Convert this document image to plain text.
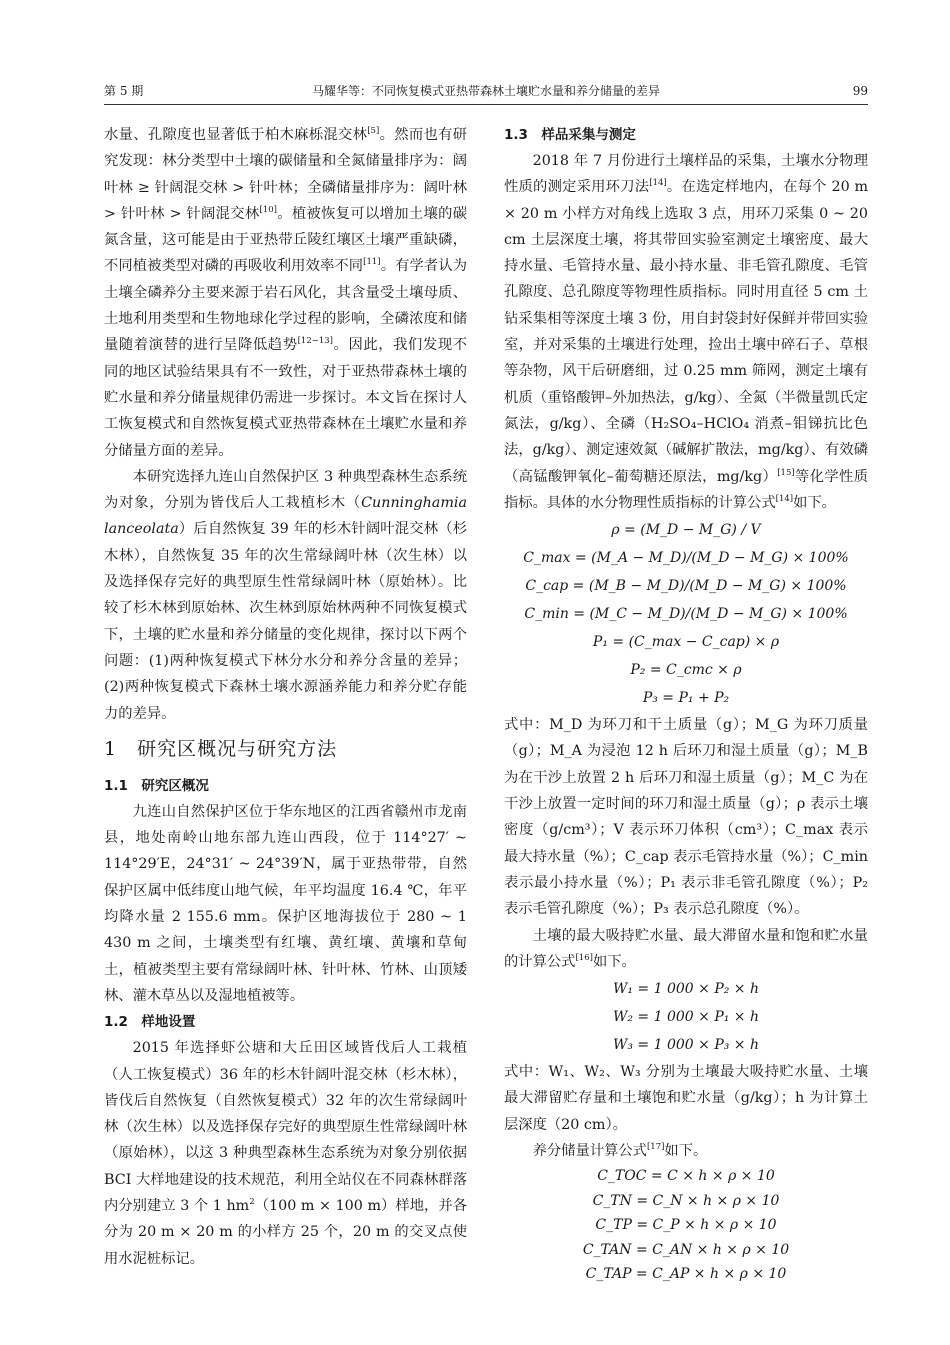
第 5 期	马耀华等：不同恢复模式亚热带森林土壤贮水量和养分储量的差异	99

水量、孔隙度也显著低于柏木麻栎混交林[5]。然而也有研究发现：林分类型中土壤的碳储量和全氮储量排序为：阔叶林 ≥ 针阔混交林 > 针叶林；全磷储量排序为：阔叶林 > 针叶林 > 针阔混交林[10]。植被恢复可以增加土壤的碳氮含量，这可能是由于亚热带丘陵红壤区土壤严重缺磷，不同植被类型对磷的再吸收利用效率不同[11]。有学者认为土壤全磷养分主要来源于岩石风化，其含量受土壤母质、土地利用类型和生物地球化学过程的影响，全磷浓度和储量随着演替的进行呈降低趋势[12−13]。因此，我们发现不同的地区试验结果具有不一致性，对于亚热带森林土壤的贮水量和养分储量规律仍需进一步探讨。本文旨在探讨人工恢复模式和自然恢复模式亚热带森林在土壤贮水量和养分储量方面的差异。

本研究选择九连山自然保护区 3 种典型森林生态系统为对象，分别为皆伐后人工栽植杉木（Cunninghamia lanceolata）后自然恢复 39 年的杉木针阔叶混交林（杉木林），自然恢复 35 年的次生常绿阔叶林（次生林）以及选择保存完好的典型原生性常绿阔叶林（原始林）。比较了杉木林到原始林、次生林到原始林两种不同恢复模式下，土壤的贮水量和养分储量的变化规律，探讨以下两个问题：(1)两种恢复模式下林分水分和养分含量的差异；(2)两种恢复模式下森林土壤水源涵养能力和养分贮存能力的差异。

1　研究区概况与研究方法
1.1　研究区概况

九连山自然保护区位于华东地区的江西省赣州市龙南县，地处南岭山地东部九连山西段，位于 114°27′ ~ 114°29′E，24°31′ ~ 24°39′N，属于亚热带带，自然保护区属中低纬度山地气候，年平均温度 16.4 ℃，年平均降水量 2 155.6 mm。保护区地海拔位于 280 ~ 1 430 m 之间，土壤类型有红壤、黄红壤、黄壤和草甸土，植被类型主要有常绿阔叶林、针叶林、竹林、山顶矮林、灌木草丛以及湿地植被等。

1.2　样地设置

2015 年选择虾公塘和大丘田区域皆伐后人工栽植（人工恢复模式）36 年的杉木针阔叶混交林（杉木林），皆伐后自然恢复（自然恢复模式）32 年的次生常绿阔叶林（次生林）以及选择保存完好的典型原生性常绿阔叶林（原始林），以这 3 种典型森林生态系统为对象分别依据 BCI 大样地建设的技术规范，利用全站仪在不同森林群落内分别建立 3 个 1 $hm^2(100$ m × 100 m）样地，并各分为 20 m × 20 m 的小样方 25 个，20 m 的交叉点使用水泥桩标记。

1.3　样品采集与测定

2018 年 7 月份进行土壤样品的采集，土壤水分物理性质的测定采用环刀法[14]。在选定样地内，在每个 20 m × 20 m 小样方对角线上选取 3 点，用环刀采集 0 ~ 20 cm 土层深度土壤，将其带回实验室测定土壤密度、最大持水量、毛管持水量、最小持水量、非毛管孔隙度、毛管孔隙度、总孔隙度等物理性质指标。同时用直径 5 cm 土钻采集相等深度土壤 3 份，用自封袋封好保鲜并带回实验室，并对采集的土壤进行处理，捡出土壤中碎石子、草根等杂物，风干后研磨细，过 0.25 mm 筛网，测定土壤有机质（重铬酸钾–外加热法，g/kg）、全氮（半微量凯氏定氮法，g/kg）、全磷（H₂SO₄–HClO₄ 消煮–钼锑抗比色法，g/kg）、测定速效氮（碱解扩散法，mg/kg）、有效磷（高锰酸钾氧化–葡萄糖还原法，mg/kg）[15]等化学性质指标。具体的水分物理性质指标的计算公式[14]如下。

ρ = (M_D − M_G) / V
C_max = (M_A − M_D)/(M_D − M_G) × 100%
C_cap = (M_B − M_D)/(M_D − M_G) × 100%
C_min = (M_C − M_D)/(M_D − M_G) × 100%
P₁ = (C_max − C_cap) × ρ
P₂ = C_cmc × ρ
P₃ = P₁ + P₂

式中：M_D 为环刀和干土质量（g）；M_G 为环刀质量（g）；M_A 为浸泡 12 h 后环刀和湿土质量（g）；M_B 为在干沙上放置 2 h 后环刀和湿土质量（g）；M_C 为在干沙上放置一定时间的环刀和湿土质量（g）；ρ 表示土壤密度（g/cm³）；V 表示环刀体积（cm³）；C_max 表示最大持水量（%）；C_cap 表示毛管持水量（%）；C_min 表示最小持水量（%）；P₁ 表示非毛管孔隙度（%）；P₂ 表示毛管孔隙度（%）；P₃ 表示总孔隙度（%）。

土壤的最大吸持贮水量、最大滞留水量和饱和贮水量的计算公式[16]如下。

W₁ = 1 000 × P₂ × h
W₂ = 1 000 × P₁ × h
W₃ = 1 000 × P₃ × h

式中：W₁、W₂、W₃ 分别为土壤最大吸持贮水量、土壤最大滞留贮存量和土壤饱和贮水量（g/kg）；h 为计算土层深度（20 cm）。

养分储量计算公式[17]如下。

C_TOC = C × h × ρ × 10
C_TN = C_N × h × ρ × 10
C_TP = C_P × h × ρ × 10
C_TAN = C_AN × h × ρ × 10
C_TAP = C_AP × h × ρ × 10
